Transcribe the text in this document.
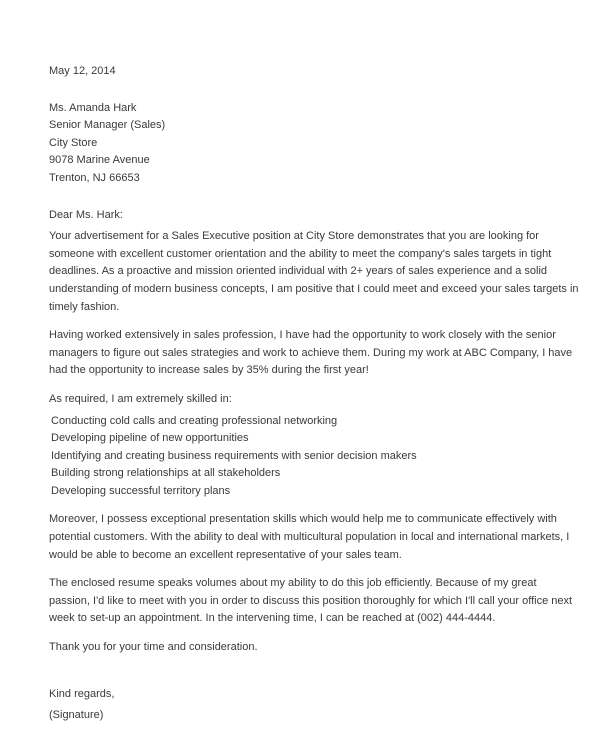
May 12, 2014
Ms. Amanda Hark
Senior Manager (Sales)
City Store
9078 Marine Avenue
Trenton, NJ 66653
Dear Ms. Hark:
Your advertisement for a Sales Executive position at City Store demonstrates that you are looking for
someone with excellent customer orientation and the ability to meet the company's sales targets in tight
deadlines. As a proactive and mission oriented individual with 2+ years of sales experience and a solid
understanding of modern business concepts, I am positive that I could meet and exceed your sales targets in
timely fashion.
Having worked extensively in sales profession, I have had the opportunity to work closely with the senior
managers to figure out sales strategies and work to achieve them. During my work at ABC Company, I have
had the opportunity to increase sales by 35% during the first year!
As required, I am extremely skilled in:
Conducting cold calls and creating professional networking
Developing pipeline of new opportunities
Identifying and creating business requirements with senior decision makers
Building strong relationships at all stakeholders
Developing successful territory plans
Moreover, I possess exceptional presentation skills which would help me to communicate effectively with
potential customers. With the ability to deal with multicultural population in local and international markets, I
would be able to become an excellent representative of your sales team.
The enclosed resume speaks volumes about my ability to do this job efficiently. Because of my great
passion, I'd like to meet with you in order to discuss this position thoroughly for which I'll call your office next
week to set-up an appointment. In the intervening time, I can be reached at (002) 444-4444.
Thank you for your time and consideration.
Kind regards,
(Signature)
